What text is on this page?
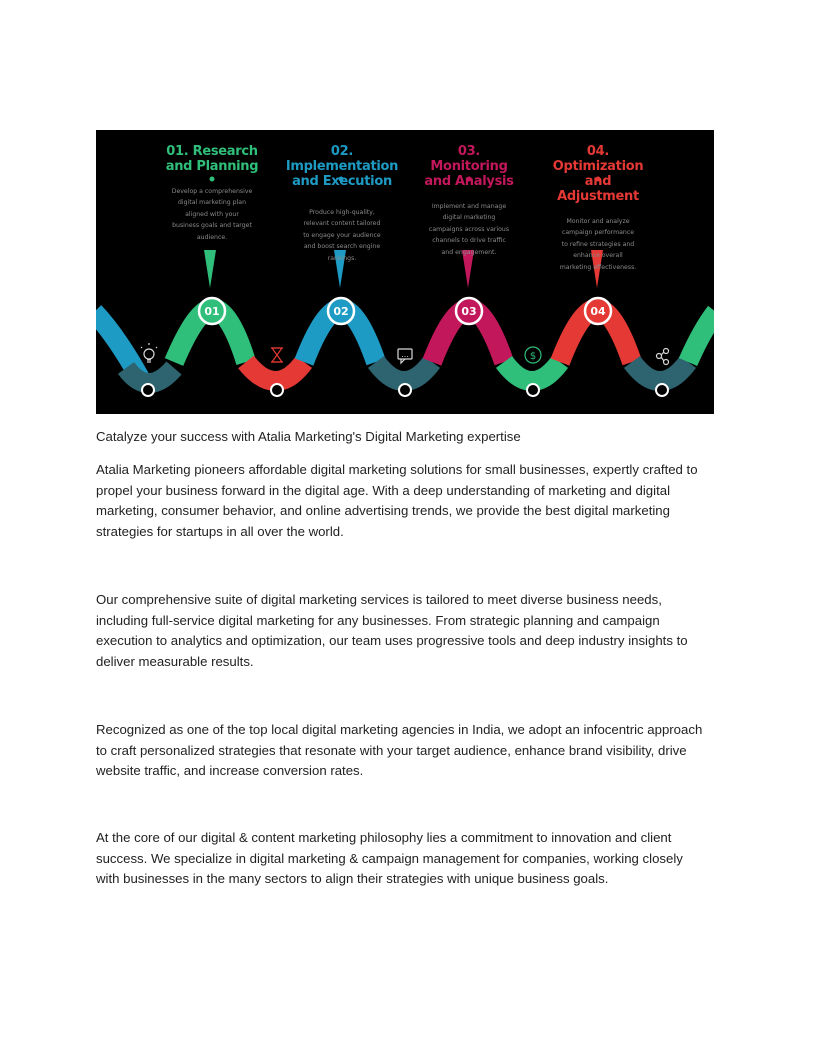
01	02	03	04
…	$
01. Research
and Planning
Develop a comprehensive
digital marketing plan
aligned with your
business goals and target
audience.
02. Implementation
and Execution
Produce high-quality,
relevant content tailored
to engage your audience
and boost search engine
rankings.
03. Monitoring
and Analysis
Implement and manage
digital marketing
campaigns across various
channels to drive traffic
and engagement.
04. Optimization
and Adjustment
Monitor and analyze
campaign performance
to refine strategies and
enhance overall
marketing effectiveness.
Catalyze your success with Atalia Marketing's Digital Marketing expertise

Atalia Marketing pioneers affordable digital marketing solutions for small businesses, expertly crafted to
propel your business forward in the digital age. With a deep understanding of marketing and digital
marketing, consumer behavior, and online advertising trends, we provide the best digital marketing
strategies for startups in all over the world.

Our comprehensive suite of digital marketing services is tailored to meet diverse business needs,
including full-service digital marketing for any businesses. From strategic planning and campaign
execution to analytics and optimization, our team uses progressive tools and deep industry insights to
deliver measurable results.

Recognized as one of the top local digital marketing agencies in India, we adopt an infocentric approach
to craft personalized strategies that resonate with your target audience, enhance brand visibility, drive
website traffic, and increase conversion rates.

At the core of our digital & content marketing philosophy lies a commitment to innovation and client
success. We specialize in digital marketing & campaign management for companies, working closely
with businesses in the many sectors to align their strategies with unique business goals.
